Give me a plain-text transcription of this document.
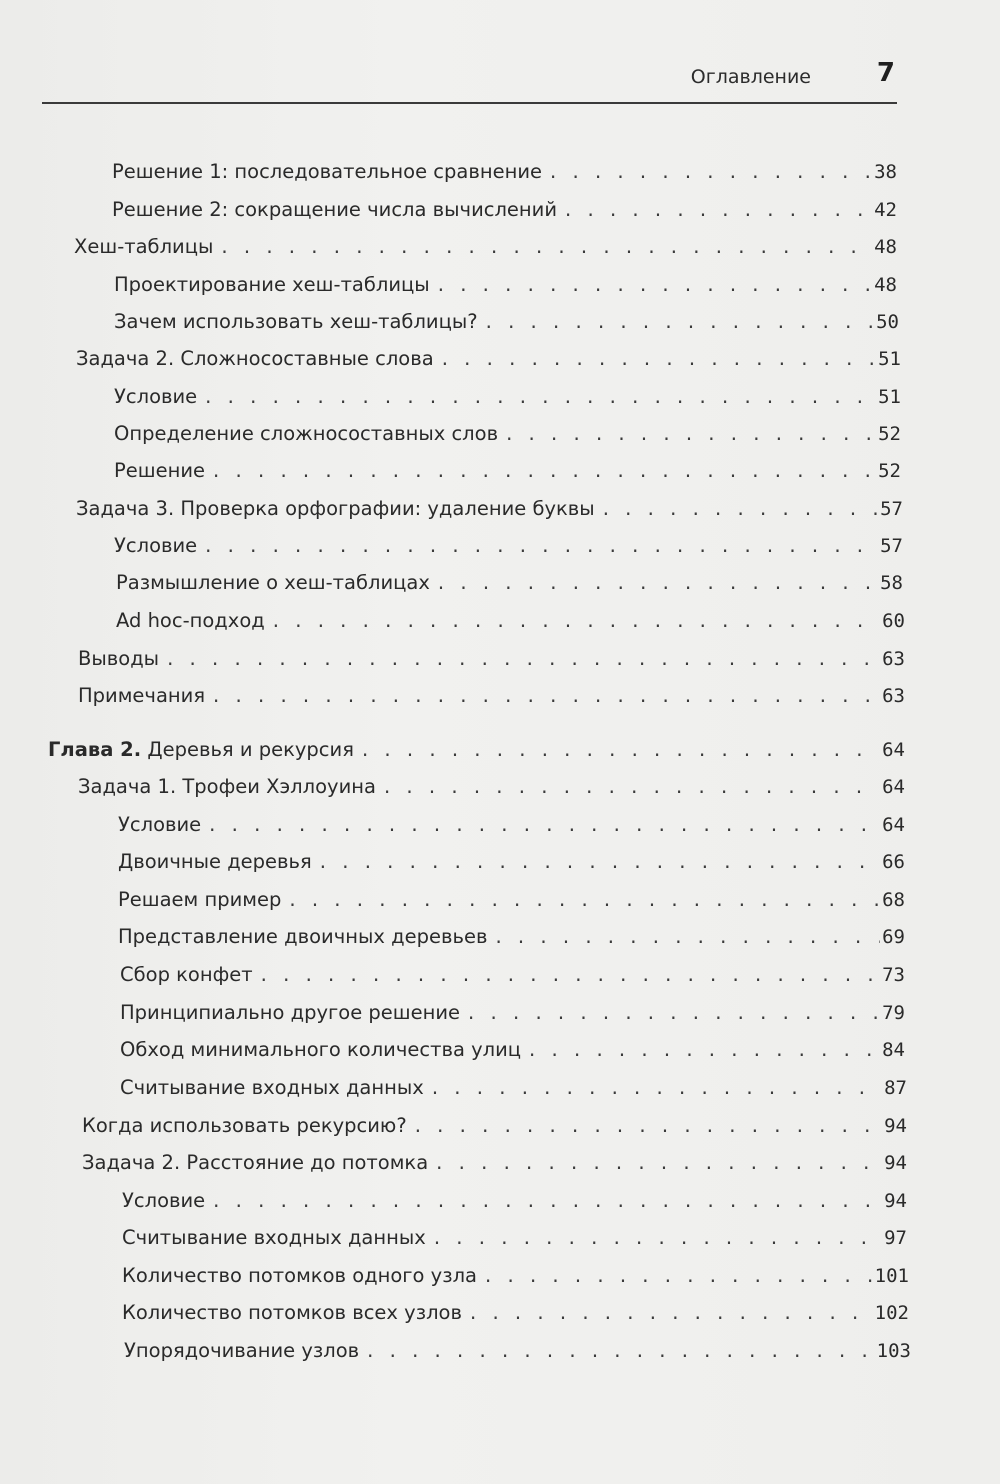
Оглавление	7
Решение 1: последовательное сравнение . . .	38
Решение 2: сокращение числа вычислений . . .	42
Хеш-таблицы . . .	48
Проектирование хеш-таблицы . . .	48
Зачем использовать хеш-таблицы? . . .	50
Задача 2. Сложносоставные слова . . .	51
Условие . . .	51
Определение сложносоставных слов . . .	52
Решение . . .	52
Задача 3. Проверка орфографии: удаление буквы . . .	57
Условие . . .	57
Размышление о хеш-таблицах . . .	58
Ad hoc-подход . . .	60
Выводы . . .	63
Примечания . . .	63
Глава 2. Деревья и рекурсия . . .	64
Задача 1. Трофеи Хэллоуина . . .	64
Условие . . .	64
Двоичные деревья . . .	66
Решаем пример . . .	68
Представление двоичных деревьев . . .	69
Сбор конфет . . .	73
Принципиально другое решение . . .	79
Обход минимального количества улиц . . .	84
Считывание входных данных . . .	87
Когда использовать рекурсию? . . .	94
Задача 2. Расстояние до потомка . . .	94
Условие . . .	94
Считывание входных данных . . .	97
Количество потомков одного узла . . .	101
Количество потомков всех узлов . . .	102
Упорядочивание узлов . . .	103
